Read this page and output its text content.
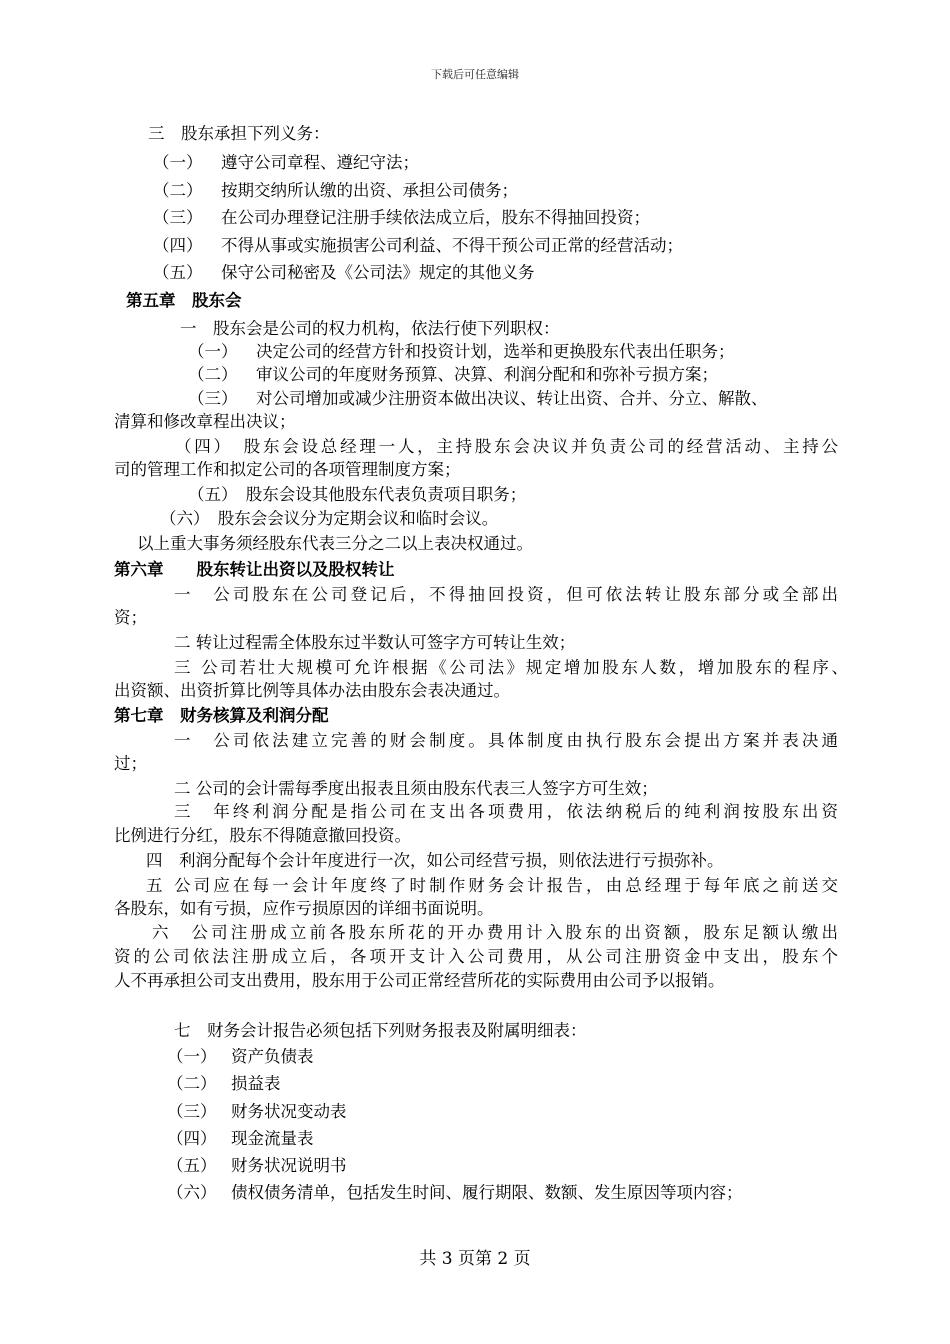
下载后可任意编辑
三　股东承担下列义务：
（一） 遵守公司章程、遵纪守法；
（二） 按期交纳所认缴的出资、承担公司债务；
（三） 在公司办理登记注册手续依法成立后，股东不得抽回投资；
（四） 不得从事或实施损害公司利益、不得干预公司正常的经营活动；
（五） 保守公司秘密及《公司法》规定的其他义务
第五章　股东会
一　股东会是公司的权力机构，依法行使下列职权：
（一） 决定公司的经营方针和投资计划，选举和更换股东代表出任职务；
（二） 审议公司的年度财务预算、决算、利润分配和和弥补亏损方案；
（三） 对公司增加或减少注册资本做出决议、转让出资、合并、分立、解散、
清算和修改章程出决议；
（四）　股东会设总经理一人，主持股东会决议并负责公司的经营活动、主持公
司的管理工作和拟定公司的各项管理制度方案；
（五）　股东会设其他股东代表负责项目职务；
（六）　股东会会议分为定期会议和临时会议。
以上重大事务须经股东代表三分之二以上表决权通过。
第六章　　股东转让出资以及股权转让
一　公司股东在公司登记后，不得抽回投资，但可依法转让股东部分或全部出
资；
二 转让过程需全体股东过半数认可签字方可转让生效；
三 公司若壮大规模可允许根据《公司法》规定增加股东人数，增加股东的程序、
出资额、出资折算比例等具体办法由股东会表决通过。
第七章　财务核算及利润分配
一　公司依法建立完善的财会制度。具体制度由执行股东会提出方案并表决通
过；
二 公司的会计需每季度出报表且须由股东代表三人签字方可生效；
三　年终利润分配是指公司在支出各项费用，依法纳税后的纯利润按股东出资
比例进行分红，股东不得随意撤回投资。
四　利润分配每个会计年度进行一次，如公司经营亏损，则依法进行亏损弥补。
五 公司应在每一会计年度终了时制作财务会计报告，由总经理于每年底之前送交
各股东，如有亏损，应作亏损原因的详细书面说明。
六　公司注册成立前各股东所花的开办费用计入股东的出资额，股东足额认缴出
资的公司依法注册成立后，各项开支计入公司费用，从公司注册资金中支出，股东个
人不再承担公司支出费用，股东用于公司正常经营所花的实际费用由公司予以报销。
七　财务会计报告必须包括下列财务报表及附属明细表：
（一） 资产负债表
（二） 损益表
（三） 财务状况变动表
（四） 现金流量表
（五） 财务状况说明书
（六） 债权债务清单，包括发生时间、履行期限、数额、发生原因等项内容；
共 3 页第 2 页
